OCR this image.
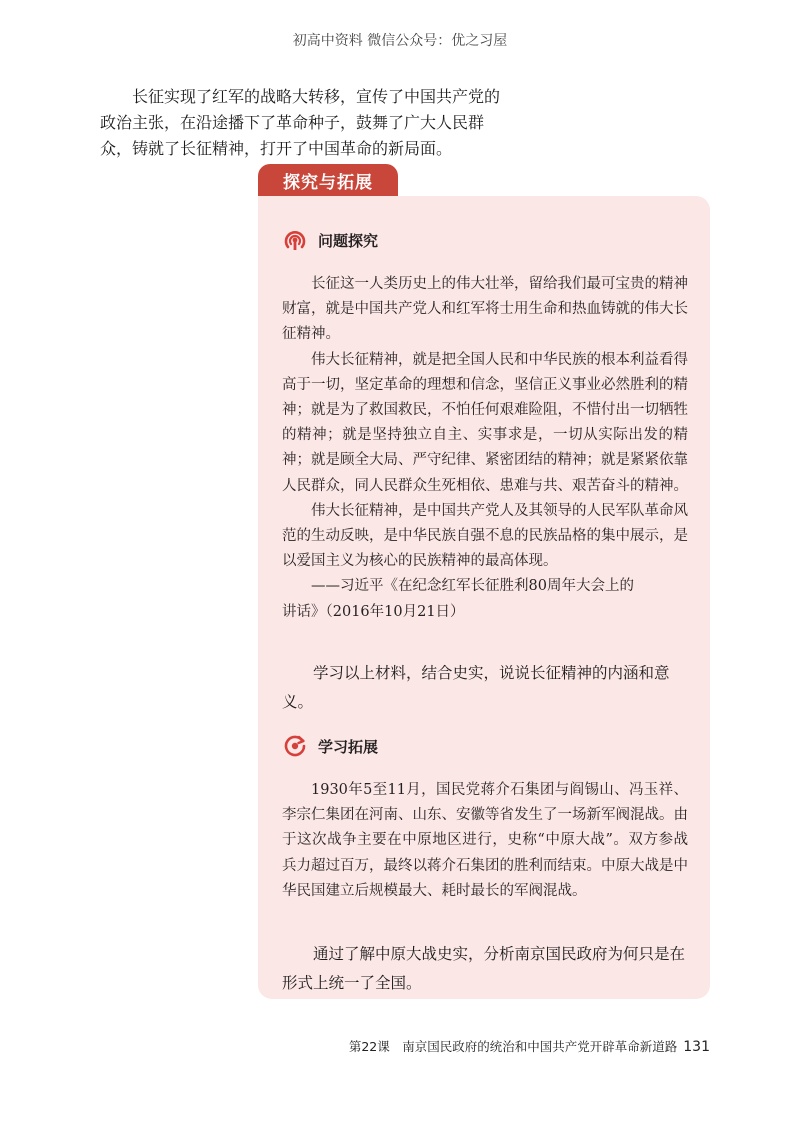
初高中资料 微信公众号：优之习屋

长征实现了红军的战略大转移，宣传了中国共产党的政治主张，在沿途播下了革命种子，鼓舞了广大人民群众，铸就了长征精神，打开了中国革命的新局面。

探究与拓展
问题探究

长征这一人类历史上的伟大壮举，留给我们最可宝贵的精神财富，就是中国共产党人和红军将士用生命和热血铸就的伟大长征精神。

伟大长征精神，就是把全国人民和中华民族的根本利益看得高于一切，坚定革命的理想和信念，坚信正义事业必然胜利的精神；就是为了救国救民，不怕任何艰难险阻，不惜付出一切牺牲的精神；就是坚持独立自主、实事求是，一切从实际出发的精神；就是顾全大局、严守纪律、紧密团结的精神；就是紧紧依靠人民群众，同人民群众生死相依、患难与共、艰苦奋斗的精神。

伟大长征精神，是中国共产党人及其领导的人民军队革命风范的生动反映，是中华民族自强不息的民族品格的集中展示，是以爱国主义为核心的民族精神的最高体现。

——习近平《在纪念红军长征胜利80周年大会上的
讲话》（2016年10月21日）

学习以上材料，结合史实，说说长征精神的内涵和意义。

学习拓展

1930年5至11月，国民党蒋介石集团与阎锡山、冯玉祥、李宗仁集团在河南、山东、安徽等省发生了一场新军阀混战。由于这次战争主要在中原地区进行，史称“中原大战”。双方参战兵力超过百万，最终以蒋介石集团的胜利而结束。中原大战是中华民国建立后规模最大、耗时最长的军阀混战。

通过了解中原大战史实，分析南京国民政府为何只是在形式上统一了全国。

第22课　南京国民政府的统治和中国共产党开辟革命新道路 131
